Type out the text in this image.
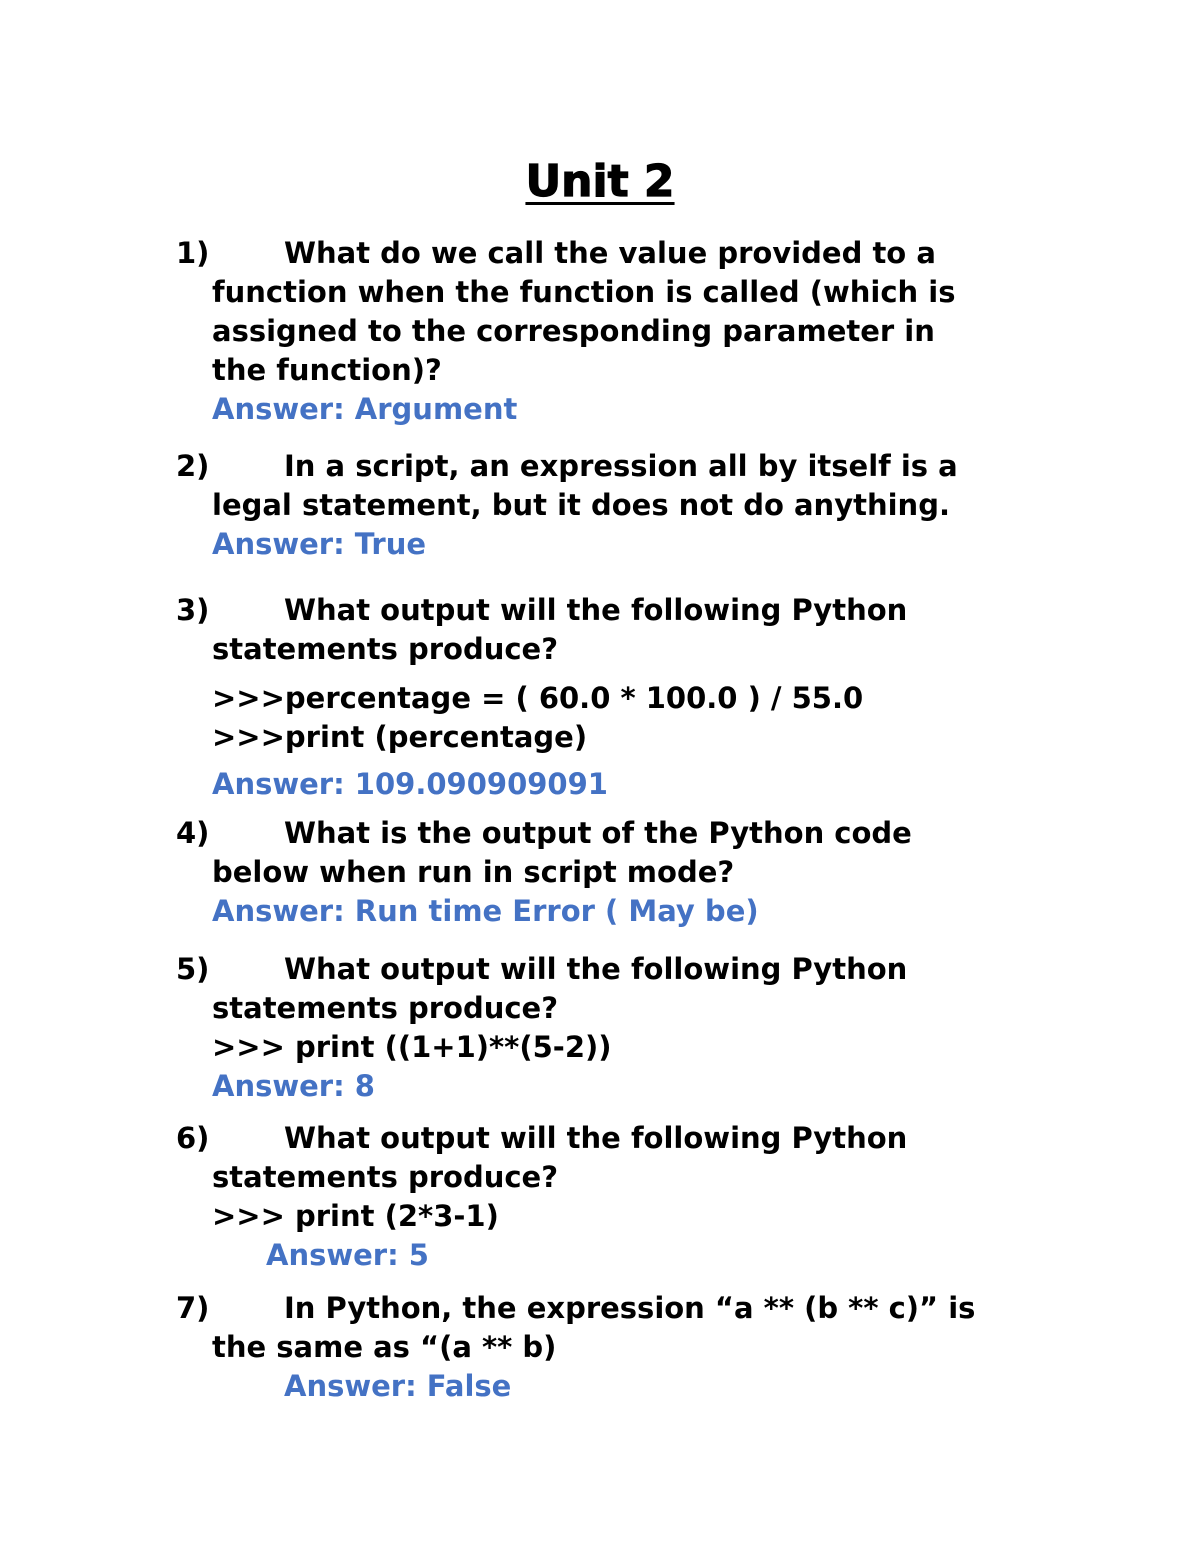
Unit 2
1)	What do we call the value provided to a
function when the function is called (which is
assigned to the corresponding parameter in
the function)?
Answer: Argument
2)	In a script, an expression all by itself is a
legal statement, but it does not do anything.
Answer: True
3)	What output will the following Python
statements produce?
>>>percentage = ( 60.0 * 100.0 ) / 55.0
>>>print (percentage)
Answer: 109.090909091
4)	What is the output of the Python code
below when run in script mode?
Answer: Run time Error ( May be)
5)	What output will the following Python
statements produce?
>>> print ((1+1)**(5-2))
Answer: 8
6)	What output will the following Python
statements produce?
>>> print (2*3-1)
Answer: 5
7)	In Python, the expression “a ** (b ** c)” is
the same as “(a ** b)
Answer: False
